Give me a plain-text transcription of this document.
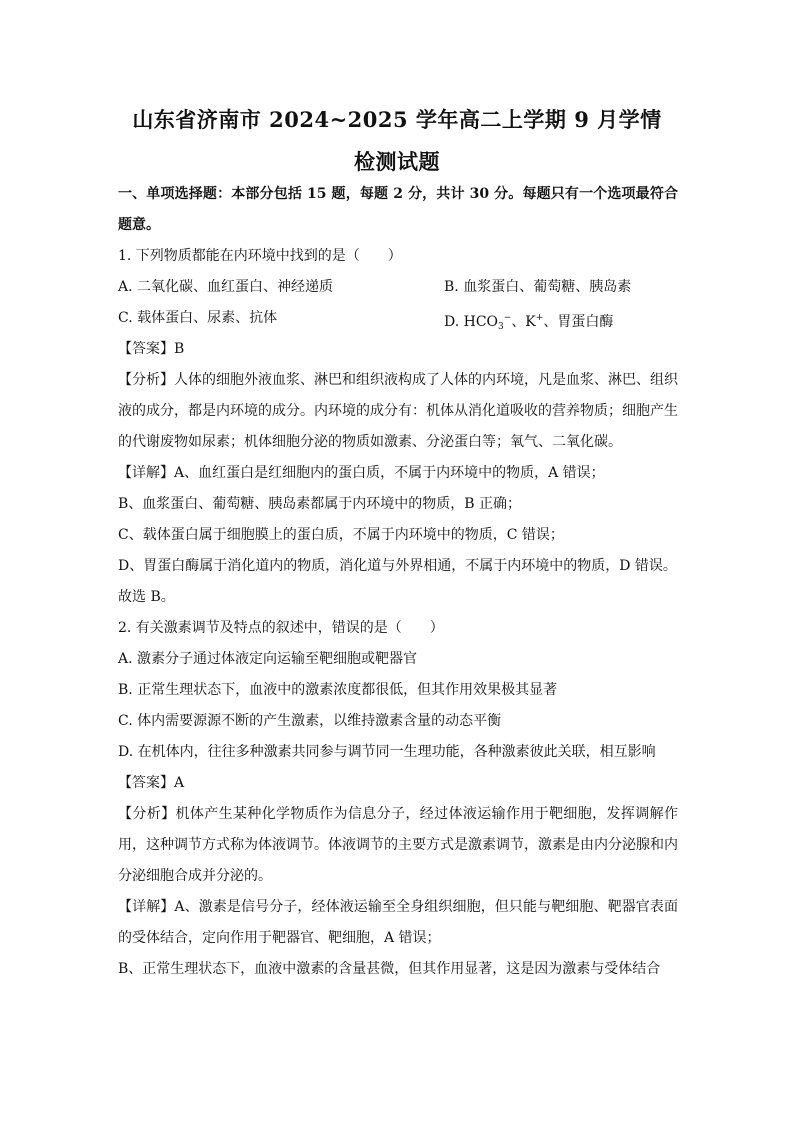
山东省济南市 2024~2025 学年高二上学期 9 月学情
检测试题
一、单项选择题：本部分包括 15 题，每题 2 分，共计 30 分。每题只有一个选项最符合题意。
1. 下列物质都能在内环境中找到的是（　　）
A. 二氧化碳、血红蛋白、神经递质	B. 血浆蛋白、葡萄糖、胰岛素
C. 载体蛋白、尿素、抗体	D. $HCO_3^-$、K+、胃蛋白酶
【答案】B
【分析】人体的细胞外液血浆、淋巴和组织液构成了人体的内环境，凡是血浆、淋巴、组织液的成分，都是内环境的成分。内环境的成分有：机体从消化道吸收的营养物质；细胞产生的代谢废物如尿素；机体细胞分泌的物质如激素、分泌蛋白等；氧气、二氧化碳。
【详解】A、血红蛋白是红细胞内的蛋白质，不属于内环境中的物质，A 错误；
B、血浆蛋白、葡萄糖、胰岛素都属于内环境中的物质，B 正确；
C、载体蛋白属于细胞膜上的蛋白质，不属于内环境中的物质，C 错误；
D、胃蛋白酶属于消化道内的物质，消化道与外界相通，不属于内环境中的物质，D 错误。
故选 B。
2. 有关激素调节及特点的叙述中，错误的是（　　）
A. 激素分子通过体液定向运输至靶细胞或靶器官
B. 正常生理状态下，血液中的激素浓度都很低，但其作用效果极其显著
C. 体内需要源源不断的产生激素，以维持激素含量的动态平衡
D. 在机体内，往往多种激素共同参与调节同一生理功能，各种激素彼此关联，相互影响
【答案】A
【分析】机体产生某种化学物质作为信息分子，经过体液运输作用于靶细胞，发挥调解作用，这种调节方式称为体液调节。体液调节的主要方式是激素调节，激素是由内分泌腺和内分泌细胞合成并分泌的。
【详解】A、激素是信号分子，经体液运输至全身组织细胞，但只能与靶细胞、靶器官表面的受体结合，定向作用于靶器官、靶细胞，A 错误；
B、正常生理状态下，血液中激素的含量甚微，但其作用显著，这是因为激素与受体结合
